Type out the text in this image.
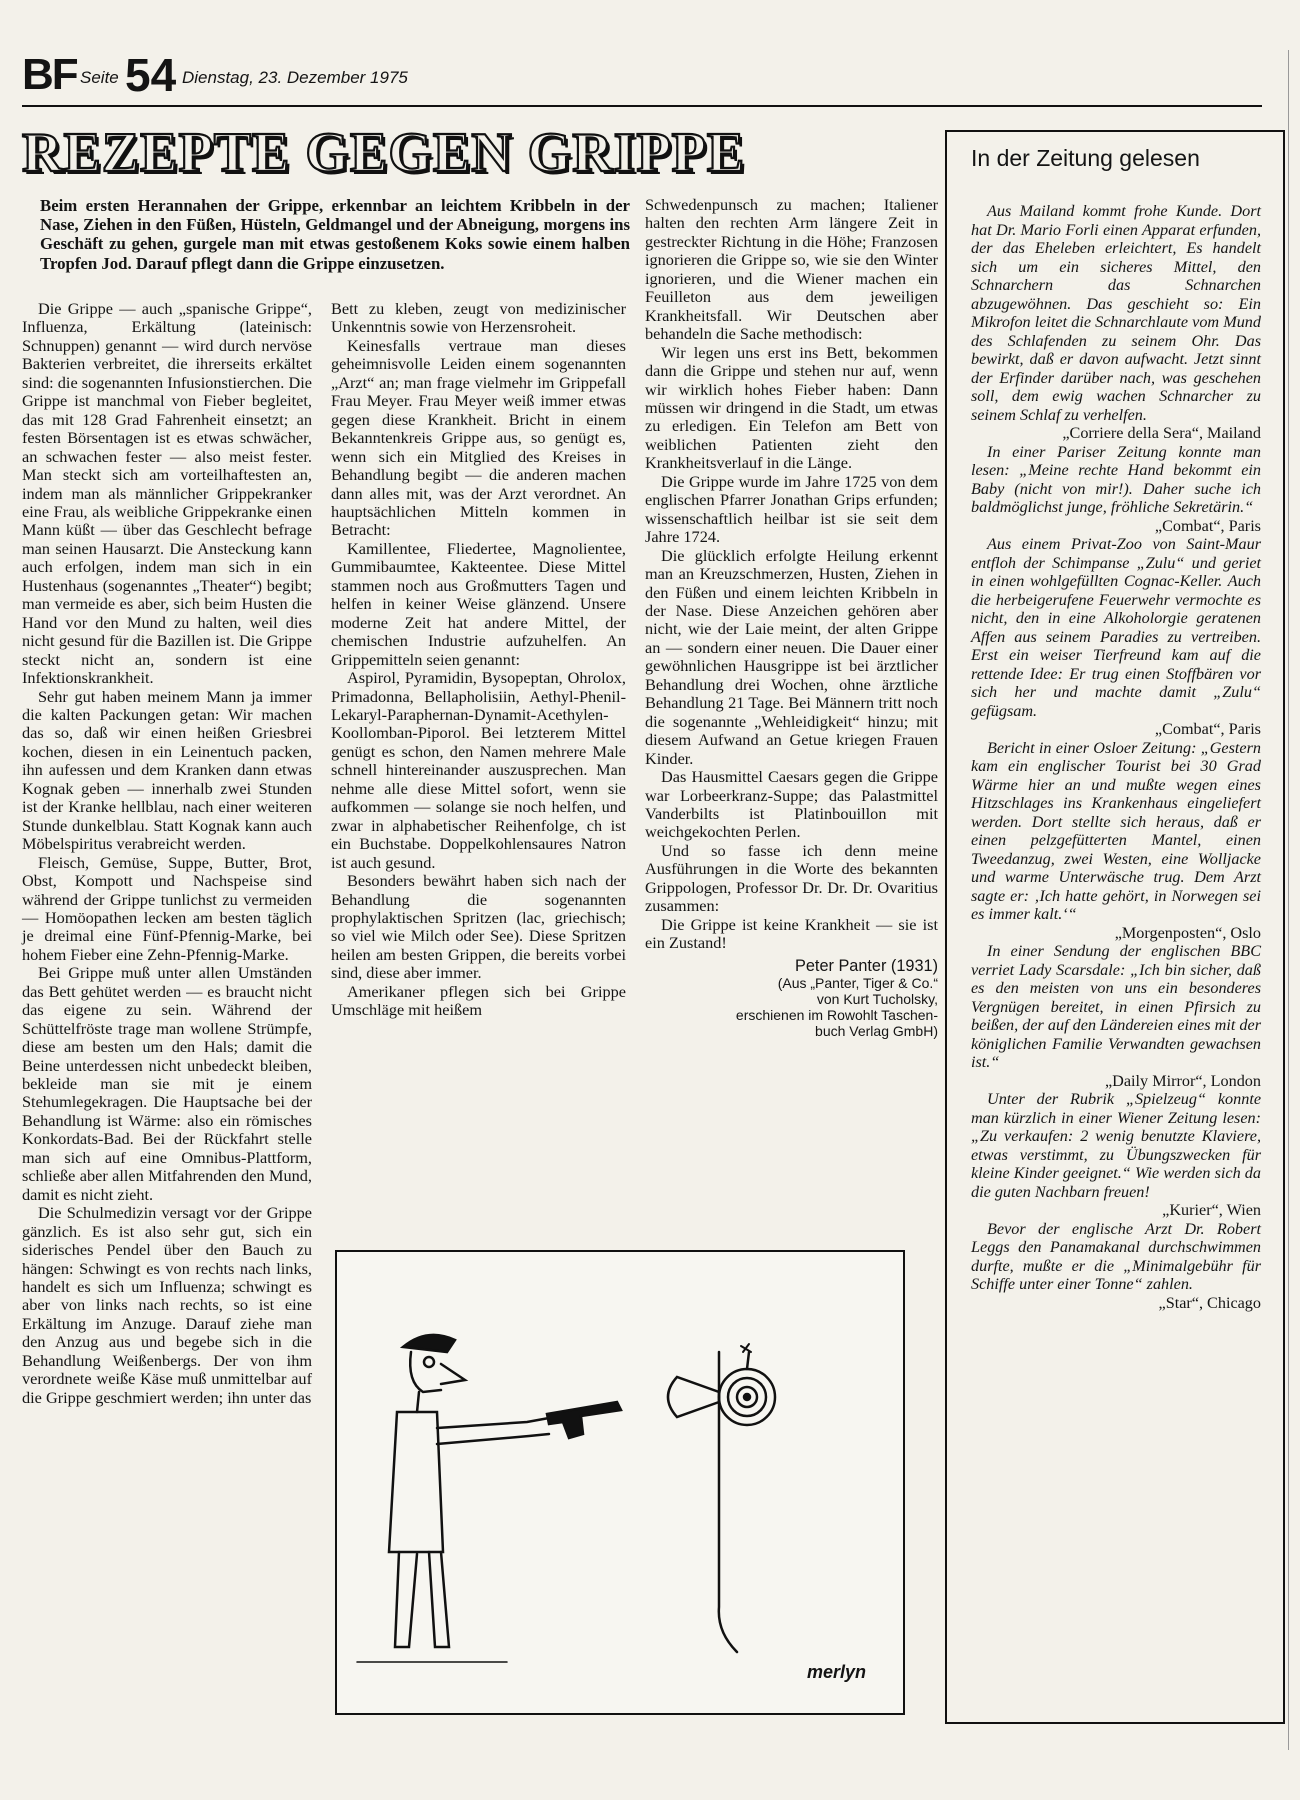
BF Seite 54 Dienstag, 23. Dezember 1975
REZEPTE GEGEN GRIPPE
Beim ersten Herannahen der Grippe, erkennbar an leichtem Kribbeln in der Nase, Ziehen in den Füßen, Hüsteln, Geldmangel und der Abneigung, morgens ins Geschäft zu gehen, gurgele man mit etwas gestoßenem Koks sowie einem halben Tropfen Jod. Darauf pflegt dann die Grippe einzusetzen.

Die Grippe — auch „spanische Grippe“, Influenza, Erkältung (lateinisch: Schnuppen) genannt — wird durch nervöse Bakterien verbreitet, die ihrerseits erkältet sind: die sogenannten Infusionstierchen. Die Grippe ist manchmal von Fieber begleitet, das mit 128 Grad Fahrenheit einsetzt; an festen Börsentagen ist es etwas schwächer, an schwachen fester — also meist fester. Man steckt sich am vorteilhaftesten an, indem man als männlicher Grippekranker eine Frau, als weibliche Grippekranke einen Mann küßt — über das Geschlecht befrage man seinen Hausarzt. Die Ansteckung kann auch erfolgen, indem man sich in ein Hustenhaus (sogenanntes „Theater“) begibt; man vermeide es aber, sich beim Husten die Hand vor den Mund zu halten, weil dies nicht gesund für die Bazillen ist. Die Grippe steckt nicht an, sondern ist eine Infektionskrankheit.

Sehr gut haben meinem Mann ja immer die kalten Packungen getan: Wir machen das so, daß wir einen heißen Griesbrei kochen, diesen in ein Leinentuch packen, ihn aufessen und dem Kranken dann etwas Kognak geben — innerhalb zwei Stunden ist der Kranke hellblau, nach einer weiteren Stunde dunkelblau. Statt Kognak kann auch Möbelspiritus verabreicht werden.

Fleisch, Gemüse, Suppe, Butter, Brot, Obst, Kompott und Nachspeise sind während der Grippe tunlichst zu vermeiden — Homöopathen lecken am besten täglich je dreimal eine Fünf-Pfennig-Marke, bei hohem Fieber eine Zehn-Pfennig-Marke.

Bei Grippe muß unter allen Umständen das Bett gehütet werden — es braucht nicht das eigene zu sein. Während der Schüttelfröste trage man wollene Strümpfe, diese am besten um den Hals; damit die Beine unterdessen nicht unbedeckt bleiben, bekleide man sie mit je einem Stehumlegekragen. Die Hauptsache bei der Behandlung ist Wärme: also ein römisches Konkordats-Bad. Bei der Rückfahrt stelle man sich auf eine Omnibus-Plattform, schließe aber allen Mitfahrenden den Mund, damit es nicht zieht.

Die Schulmedizin versagt vor der Grippe gänzlich. Es ist also sehr gut, sich ein siderisches Pendel über den Bauch zu hängen: Schwingt es von rechts nach links, handelt es sich um Influenza; schwingt es aber von links nach rechts, so ist eine Erkältung im Anzuge. Darauf ziehe man den Anzug aus und begebe sich in die Behandlung Weißenbergs. Der von ihm verordnete weiße Käse muß unmittelbar auf die Grippe geschmiert werden; ihn unter das

Bett zu kleben, zeugt von medizinischer Unkenntnis sowie von Herzensroheit.

Keinesfalls vertraue man dieses geheimnisvolle Leiden einem sogenannten „Arzt“ an; man frage vielmehr im Grippefall Frau Meyer. Frau Meyer weiß immer etwas gegen diese Krankheit. Bricht in einem Bekanntenkreis Grippe aus, so genügt es, wenn sich ein Mitglied des Kreises in Behandlung begibt — die anderen machen dann alles mit, was der Arzt verordnet. An hauptsächlichen Mitteln kommen in Betracht:

Kamillentee, Fliedertee, Magnolientee, Gummibaumtee, Kakteentee. Diese Mittel stammen noch aus Großmutters Tagen und helfen in keiner Weise glänzend. Unsere moderne Zeit hat andere Mittel, der chemischen Industrie aufzuhelfen. An Grippemitteln seien genannt:

Aspirol, Pyramidin, Bysopeptan, Ohrolox, Primadonna, Bellapholisiin, Aethyl-Phenil-Lekaryl-Paraphernan-Dynamit-Acethylen-Koollomban-Piporol. Bei letzterem Mittel genügt es schon, den Namen mehrere Male schnell hintereinander auszusprechen. Man nehme alle diese Mittel sofort, wenn sie aufkommen — solange sie noch helfen, und zwar in alphabetischer Reihenfolge, ch ist ein Buchstabe. Doppelkohlensaures Natron ist auch gesund.

Besonders bewährt haben sich nach der Behandlung die sogenannten prophylaktischen Spritzen (lac, griechisch; so viel wie Milch oder See). Diese Spritzen heilen am besten Grippen, die bereits vorbei sind, diese aber immer.

Amerikaner pflegen sich bei Grippe Umschläge mit heißem

Schwedenpunsch zu machen; Italiener halten den rechten Arm längere Zeit in gestreckter Richtung in die Höhe; Franzosen ignorieren die Grippe so, wie sie den Winter ignorieren, und die Wiener machen ein Feuilleton aus dem jeweiligen Krankheitsfall. Wir Deutschen aber behandeln die Sache methodisch:

Wir legen uns erst ins Bett, bekommen dann die Grippe und stehen nur auf, wenn wir wirklich hohes Fieber haben: Dann müssen wir dringend in die Stadt, um etwas zu erledigen. Ein Telefon am Bett von weiblichen Patienten zieht den Krankheitsverlauf in die Länge.

Die Grippe wurde im Jahre 1725 von dem englischen Pfarrer Jonathan Grips erfunden; wissenschaftlich heilbar ist sie seit dem Jahre 1724.

Die glücklich erfolgte Heilung erkennt man an Kreuzschmerzen, Husten, Ziehen in den Füßen und einem leichten Kribbeln in der Nase. Diese Anzeichen gehören aber nicht, wie der Laie meint, der alten Grippe an — sondern einer neuen. Die Dauer einer gewöhnlichen Hausgrippe ist bei ärztlicher Behandlung drei Wochen, ohne ärztliche Behandlung 21 Tage. Bei Männern tritt noch die sogenannte „Wehleidigkeit“ hinzu; mit diesem Aufwand an Getue kriegen Frauen Kinder.

Das Hausmittel Caesars gegen die Grippe war Lorbeerkranz-Suppe; das Palastmittel Vanderbilts ist Platinbouillon mit weichgekochten Perlen.

Und so fasse ich denn meine Ausführungen in die Worte des bekannten Grippologen, Professor Dr. Dr. Dr. Ovaritius zusammen:

Die Grippe ist keine Krankheit — sie ist ein Zustand!

Peter Panter (1931)
(Aus „Panter, Tiger & Co.“
von Kurt Tucholsky,
erschienen im Rowohlt Taschen-
buch Verlag GmbH)
In der Zeitung gelesen

Aus Mailand kommt frohe Kunde. Dort hat Dr. Mario Forli einen Apparat erfunden, der das Eheleben erleichtert, Es handelt sich um ein sicheres Mittel, den Schnarchern das Schnarchen abzugewöhnen. Das geschieht so: Ein Mikrofon leitet die Schnarchlaute vom Mund des Schlafenden zu seinem Ohr. Das bewirkt, daß er davon aufwacht. Jetzt sinnt der Erfinder darüber nach, was geschehen soll, dem ewig wachen Schnarcher zu seinem Schlaf zu verhelfen.

„Corriere della Sera“, Mailand

In einer Pariser Zeitung konnte man lesen: „Meine rechte Hand bekommt ein Baby (nicht von mir!). Daher suche ich baldmöglichst junge, fröhliche Sekretärin.“

„Combat“, Paris

Aus einem Privat-Zoo von Saint-Maur entfloh der Schimpanse „Zulu“ und geriet in einen wohlgefüllten Cognac-Keller. Auch die herbeigerufene Feuerwehr vermochte es nicht, den in eine Alkoholorgie geratenen Affen aus seinem Paradies zu vertreiben. Erst ein weiser Tierfreund kam auf die rettende Idee: Er trug einen Stoffbären vor sich her und machte damit „Zulu“ gefügsam.

„Combat“, Paris

Bericht in einer Osloer Zeitung: „Gestern kam ein englischer Tourist bei 30 Grad Wärme hier an und mußte wegen eines Hitzschlages ins Krankenhaus eingeliefert werden. Dort stellte sich heraus, daß er einen pelzgefütterten Mantel, einen Tweedanzug, zwei Westen, eine Wolljacke und warme Unterwäsche trug. Dem Arzt sagte er: ‚Ich hatte gehört, in Norwegen sei es immer kalt.‘“

„Morgenposten“, Oslo

In einer Sendung der englischen BBC verriet Lady Scarsdale: „Ich bin sicher, daß es den meisten von uns ein besonderes Vergnügen bereitet, in einen Pfirsich zu beißen, der auf den Ländereien eines mit der königlichen Familie Verwandten gewachsen ist.“

„Daily Mirror“, London

Unter der Rubrik „Spielzeug“ konnte man kürzlich in einer Wiener Zeitung lesen: „Zu verkaufen: 2 wenig benutzte Klaviere, etwas verstimmt, zu Übungszwecken für kleine Kinder geeignet.“ Wie werden sich da die guten Nachbarn freuen!

„Kurier“, Wien

Bevor der englische Arzt Dr. Robert Leggs den Panamakanal durchschwimmen durfte, mußte er die „Minimalgebühr für Schiffe unter einer Tonne“ zahlen.

„Star“, Chicago

merlyn
